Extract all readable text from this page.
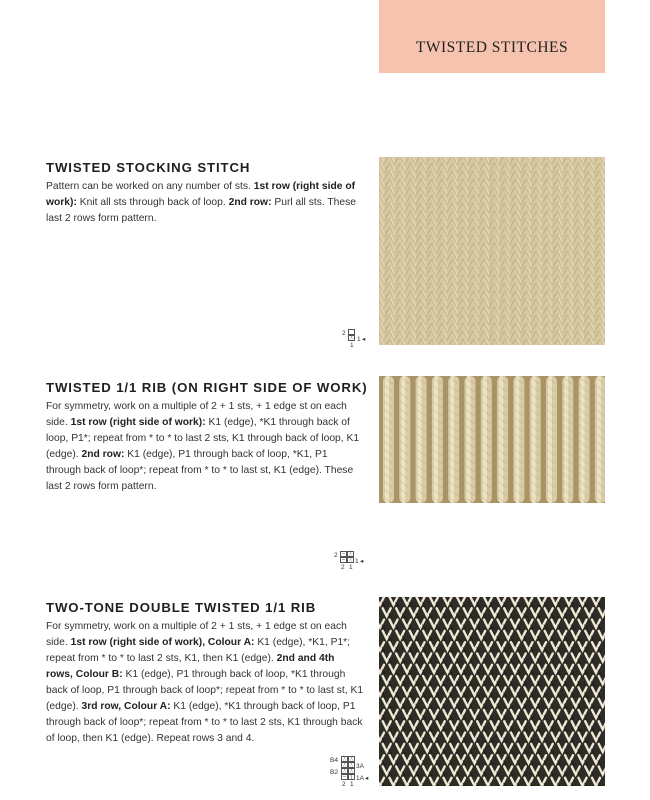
TWISTED STITCHES
TWISTED STOCKING STITCH
Pattern can be worked on any number of sts. 1st row (right side of work): Knit all sts through back of loop. 2nd row: Purl all sts. These last 2 rows form pattern.
2
ᚷ 1 ◂
1
TWISTED 1/1 RIB (ON RIGHT SIDE OF WORK)
For symmetry, work on a multiple of 2 + 1 sts, + 1 edge st on each side. 1st row (right side of work): K1 (edge), *K1 through back of loop, P1*; repeat from * to * to last 2 sts, K1 through back of loop, K1 (edge). 2nd row: K1 (edge), P1 through back of loop, *K1, P1 through back of loop*; repeat from * to * to last st, K1 (edge). These last 2 rows form pattern.
2 – ᚷ
– ᚷ 1 ◂
2 1
TWO-TONE DOUBLE TWISTED 1/1 RIB
For symmetry, work on a multiple of 2 + 1 sts, + 1 edge st on each side. 1st row (right side of work), Colour A: K1 (edge), *K1, P1*; repeat from * to * to last 2 sts, K1, then K1 (edge). 2nd and 4th rows, Colour B: K1 (edge), P1 through back of loop, *K1 through back of loop, P1 through back of loop*; repeat from * to * to last st, K1 (edge). 3rd row, Colour A: K1 (edge), *K1 through back of loop, P1 through back of loop*; repeat from * to * to last 2 sts, K1 through back of loop, then K1 (edge). Repeat rows 3 and 4.
B4 ᚷ ᚷ
ᚷ ᚷ 3A
B2 ᚷ ᚷ
– | 1A ◂
2 1
